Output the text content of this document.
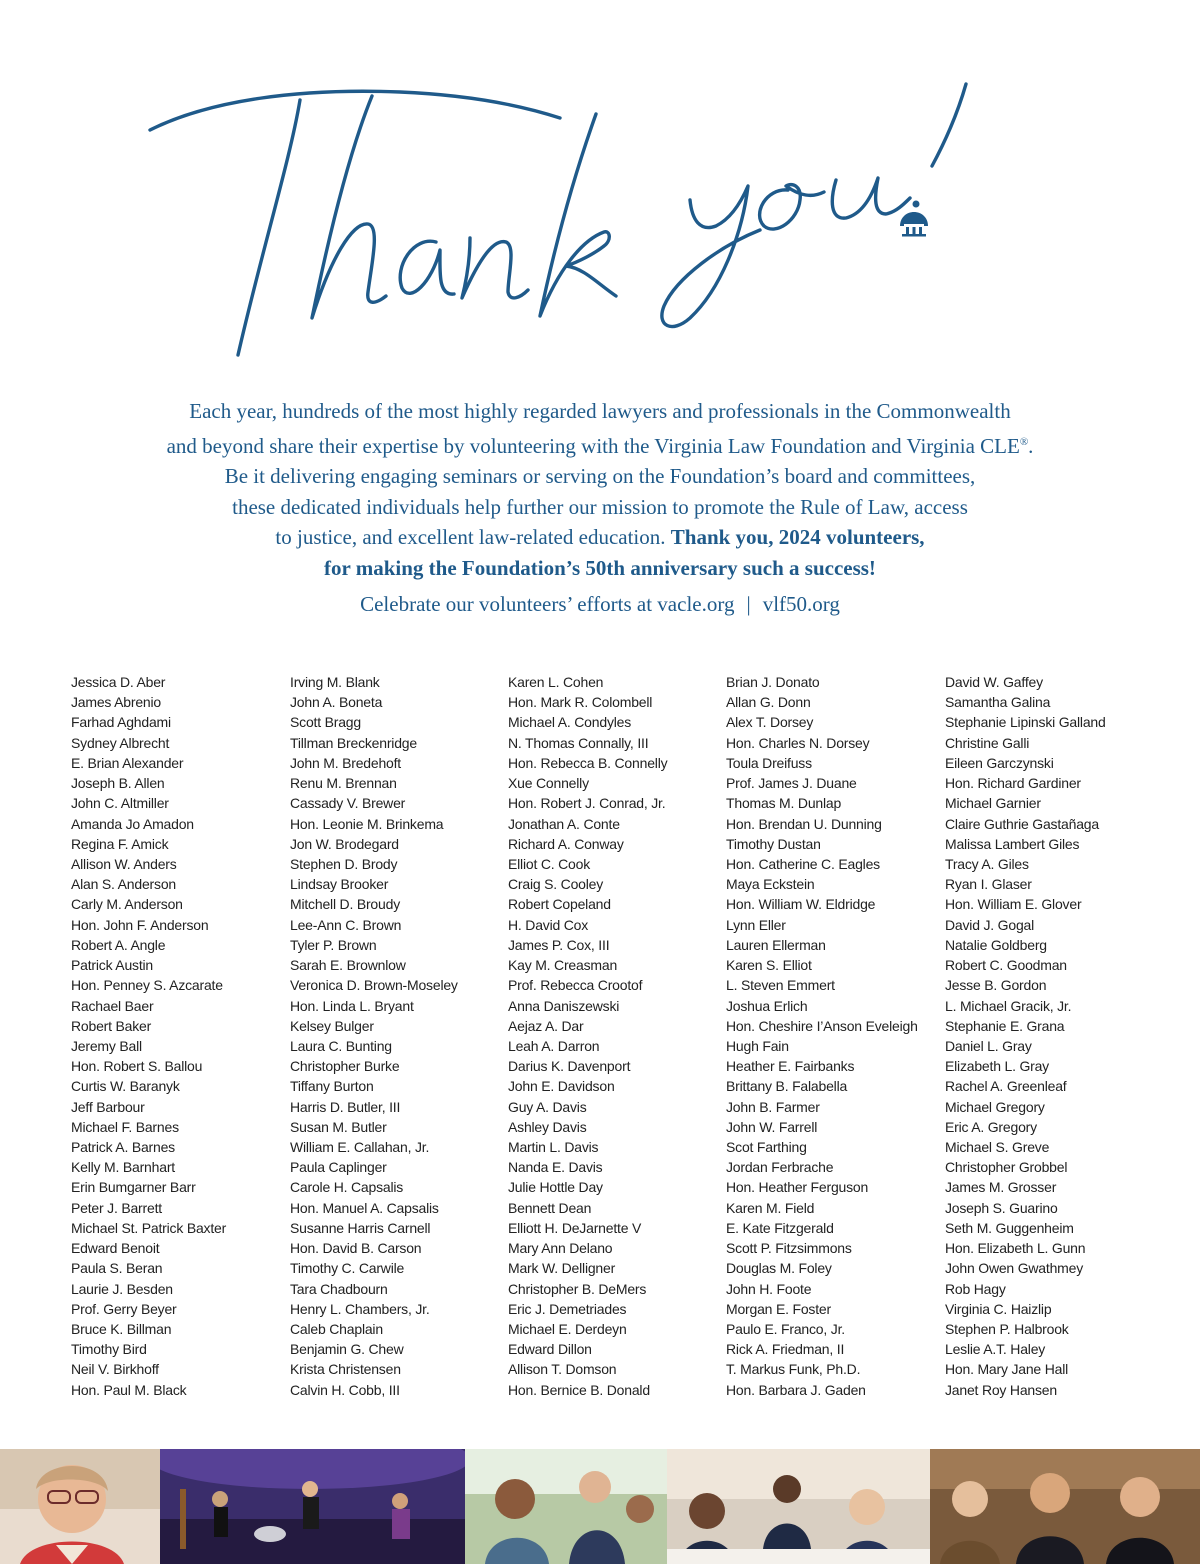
Each year, hundreds of the most highly regarded lawyers and professionals in the Commonwealth
and beyond share their expertise by volunteering with the Virginia Law Foundation and Virginia CLE®.
Be it delivering engaging seminars or serving on the Foundation’s board and committees,
these dedicated individuals help further our mission to promote the Rule of Law, access
to justice, and excellent law-related education. Thank you, 2024 volunteers,
for making the Foundation’s 50th anniversary such a success!
Celebrate our volunteers’ efforts at vacle.org | vlf50.org
Jessica D. Aber
James Abrenio
Farhad Aghdami
Sydney Albrecht
E. Brian Alexander
Joseph B. Allen
John C. Altmiller
Amanda Jo Amadon
Regina F. Amick
Allison W. Anders
Alan S. Anderson
Carly M. Anderson
Hon. John F. Anderson
Robert A. Angle
Patrick Austin
Hon. Penney S. Azcarate
Rachael Baer
Robert Baker
Jeremy Ball
Hon. Robert S. Ballou
Curtis W. Baranyk
Jeff Barbour
Michael F. Barnes
Patrick A. Barnes
Kelly M. Barnhart
Erin Bumgarner Barr
Peter J. Barrett
Michael St. Patrick Baxter
Edward Benoit
Paula S. Beran
Laurie J. Besden
Prof. Gerry Beyer
Bruce K. Billman
Timothy Bird
Neil V. Birkhoff
Hon. Paul M. Black
Irving M. Blank
John A. Boneta
Scott Bragg
Tillman Breckenridge
John M. Bredehoft
Renu M. Brennan
Cassady V. Brewer
Hon. Leonie M. Brinkema
Jon W. Brodegard
Stephen D. Brody
Lindsay Brooker
Mitchell D. Broudy
Lee-Ann C. Brown
Tyler P. Brown
Sarah E. Brownlow
Veronica D. Brown-Moseley
Hon. Linda L. Bryant
Kelsey Bulger
Laura C. Bunting
Christopher Burke
Tiffany Burton
Harris D. Butler, III
Susan M. Butler
William E. Callahan, Jr.
Paula Caplinger
Carole H. Capsalis
Hon. Manuel A. Capsalis
Susanne Harris Carnell
Hon. David B. Carson
Timothy C. Carwile
Tara Chadbourn
Henry L. Chambers, Jr.
Caleb Chaplain
Benjamin G. Chew
Krista Christensen
Calvin H. Cobb, III
Karen L. Cohen
Hon. Mark R. Colombell
Michael A. Condyles
N. Thomas Connally, III
Hon. Rebecca B. Connelly
Xue Connelly
Hon. Robert J. Conrad, Jr.
Jonathan A. Conte
Richard A. Conway
Elliot C. Cook
Craig S. Cooley
Robert Copeland
H. David Cox
James P. Cox, III
Kay M. Creasman
Prof. Rebecca Crootof
Anna Daniszewski
Aejaz A. Dar
Leah A. Darron
Darius K. Davenport
John E. Davidson
Guy A. Davis
Ashley Davis
Martin L. Davis
Nanda E. Davis
Julie Hottle Day
Bennett Dean
Elliott H. DeJarnette V
Mary Ann Delano
Mark W. Delligner
Christopher B. DeMers
Eric J. Demetriades
Michael E. Derdeyn
Edward Dillon
Allison T. Domson
Hon. Bernice B. Donald
Brian J. Donato
Allan G. Donn
Alex T. Dorsey
Hon. Charles N. Dorsey
Toula Dreifuss
Prof. James J. Duane
Thomas M. Dunlap
Hon. Brendan U. Dunning
Timothy Dustan
Hon. Catherine C. Eagles
Maya Eckstein
Hon. William W. Eldridge
Lynn Eller
Lauren Ellerman
Karen S. Elliot
L. Steven Emmert
Joshua Erlich
Hon. Cheshire I’Anson Eveleigh
Hugh Fain
Heather E. Fairbanks
Brittany B. Falabella
John B. Farmer
John W. Farrell
Scot Farthing
Jordan Ferbrache
Hon. Heather Ferguson
Karen M. Field
E. Kate Fitzgerald
Scott P. Fitzsimmons
Douglas M. Foley
John H. Foote
Morgan E. Foster
Paulo E. Franco, Jr.
Rick A. Friedman, II
T. Markus Funk, Ph.D.
Hon. Barbara J. Gaden
David W. Gaffey
Samantha Galina
Stephanie Lipinski Galland
Christine Galli
Eileen Garczynski
Hon. Richard Gardiner
Michael Garnier
Claire Guthrie Gastañaga
Malissa Lambert Giles
Tracy A. Giles
Ryan I. Glaser
Hon. William E. Glover
David J. Gogal
Natalie Goldberg
Robert C. Goodman
Jesse B. Gordon
L. Michael Gracik, Jr.
Stephanie E. Grana
Daniel L. Gray
Elizabeth L. Gray
Rachel A. Greenleaf
Michael Gregory
Eric A. Gregory
Michael S. Greve
Christopher Grobbel
James M. Grosser
Joseph S. Guarino
Seth M. Guggenheim
Hon. Elizabeth L. Gunn
John Owen Gwathmey
Rob Hagy
Virginia C. Haizlip
Stephen P. Halbrook
Leslie A.T. Haley
Hon. Mary Jane Hall
Janet Roy Hansen
